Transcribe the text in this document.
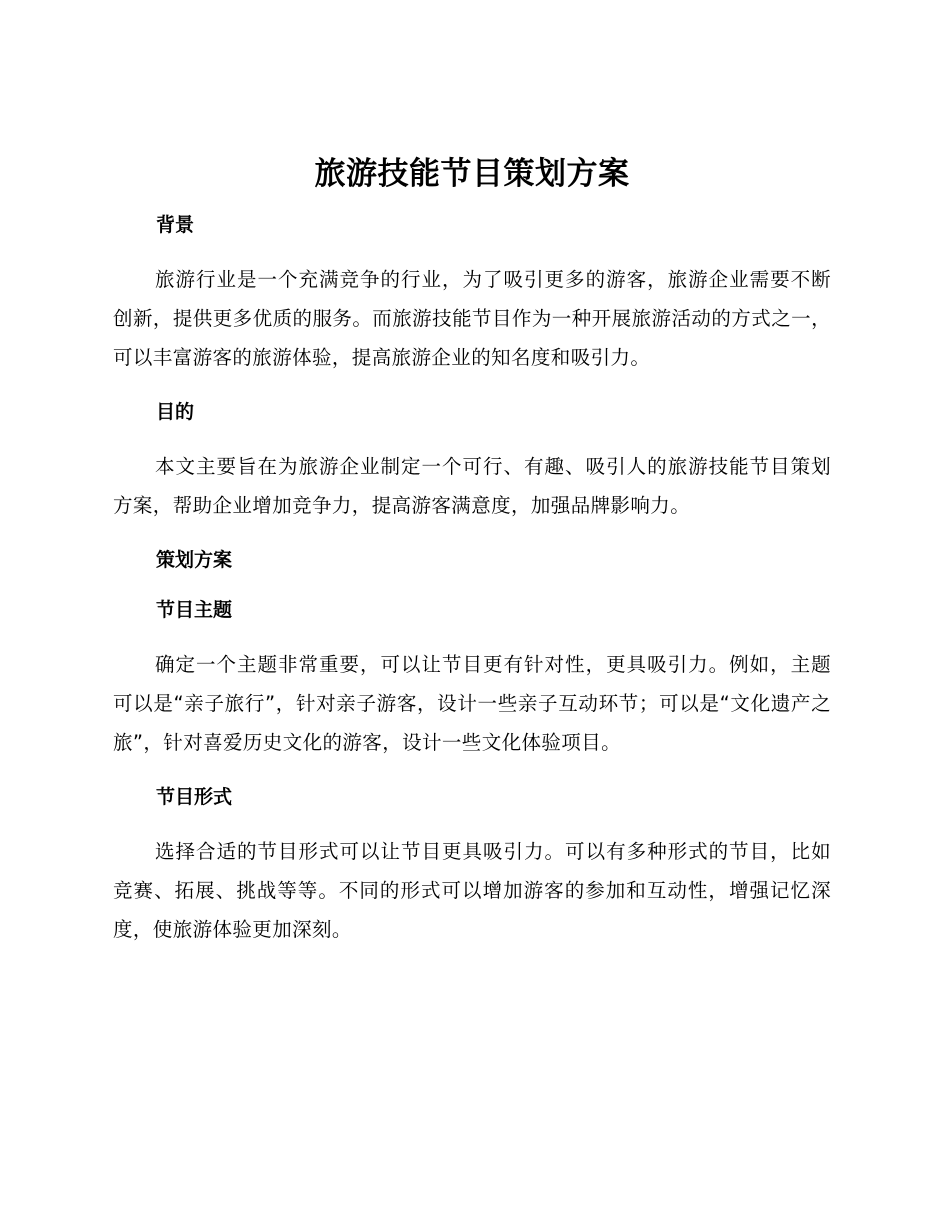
旅游技能节目策划方案
背景

旅游行业是一个充满竞争的行业，为了吸引更多的游客，旅游企业需要不断创新，提供更多优质的服务。而旅游技能节目作为一种开展旅游活动的方式之一，可以丰富游客的旅游体验，提高旅游企业的知名度和吸引力。

目的

本文主要旨在为旅游企业制定一个可行、有趣、吸引人的旅游技能节目策划方案，帮助企业增加竞争力，提高游客满意度，加强品牌影响力。

策划方案
节目主题

确定一个主题非常重要，可以让节目更有针对性，更具吸引力。例如，主题可以是“亲子旅行”，针对亲子游客，设计一些亲子互动环节；可以是“文化遗产之旅”，针对喜爱历史文化的游客，设计一些文化体验项目。

节目形式

选择合适的节目形式可以让节目更具吸引力。可以有多种形式的节目，比如竞赛、拓展、挑战等等。不同的形式可以增加游客的参加和互动性，增强记忆深度，使旅游体验更加深刻。
